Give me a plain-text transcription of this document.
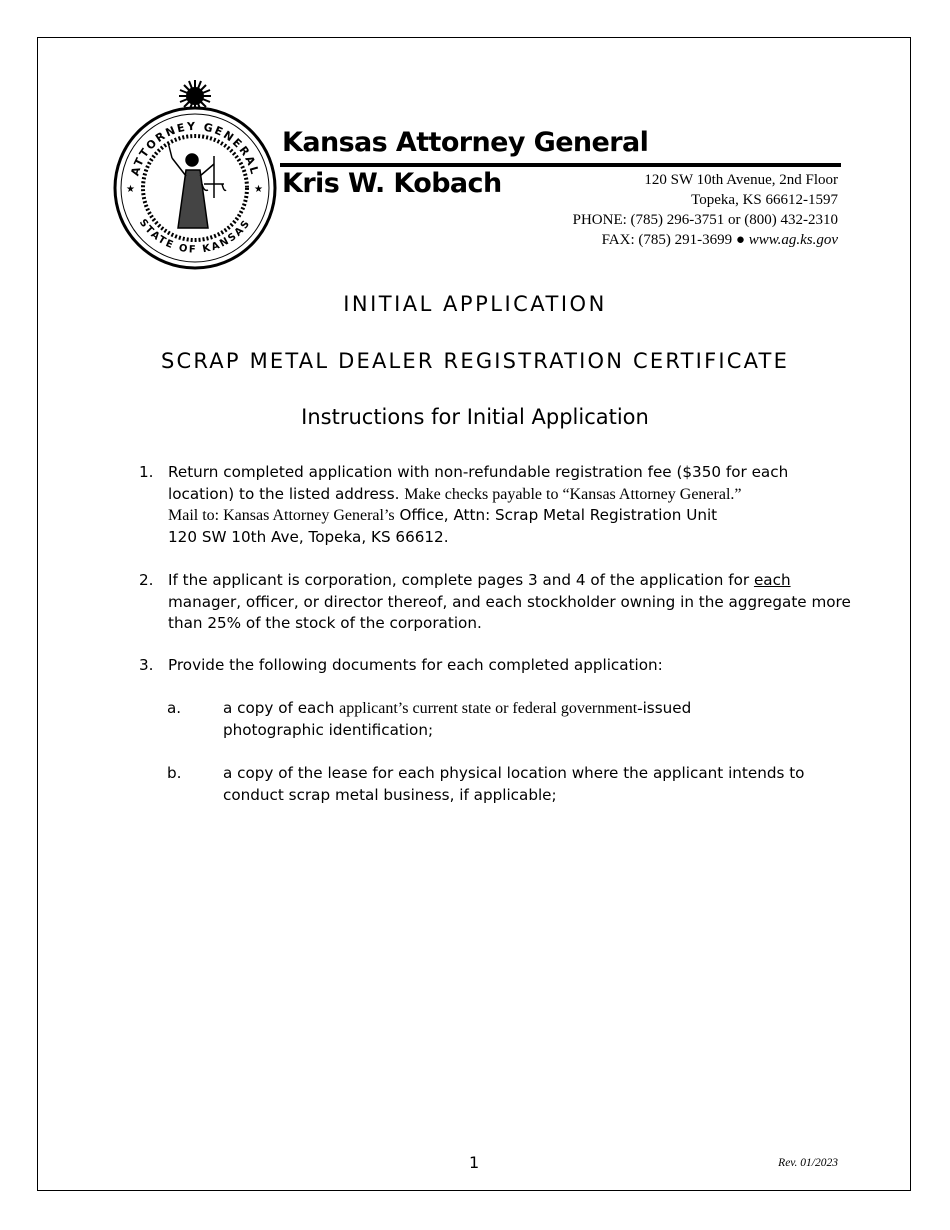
ATTORNEY GENERAL
STATE OF KANSAS
★	★
Kansas Attorney General
Kris W. Kobach	120 SW 10th Avenue, 2nd Floor
Topeka, KS 66612-1597
PHONE: (785) 296-3751 or (800) 432-2310
FAX: (785) 291-3699 ● www.ag.ks.gov
INITIAL APPLICATION
SCRAP METAL DEALER REGISTRATION CERTIFICATE
Instructions for Initial Application
1. Return completed application with non-refundable registration fee ($350 for each
location) to the listed address. Make checks payable to “Kansas Attorney General.”
Mail to: Kansas Attorney General’s Office, Attn: Scrap Metal Registration Unit
120 SW 10th Ave, Topeka, KS 66612.
2. If the applicant is corporation, complete pages 3 and 4 of the application for each
manager, officer, or director thereof, and each stockholder owning in the aggregate more
than 25% of the stock of the corporation.
3. Provide the following documents for each completed application:
a.	a copy of each applicant’s current state or federal government-issued
photographic identification;
b.	a copy of the lease for each physical location where the applicant intends to
conduct scrap metal business, if applicable;
1	Rev. 01/2023
